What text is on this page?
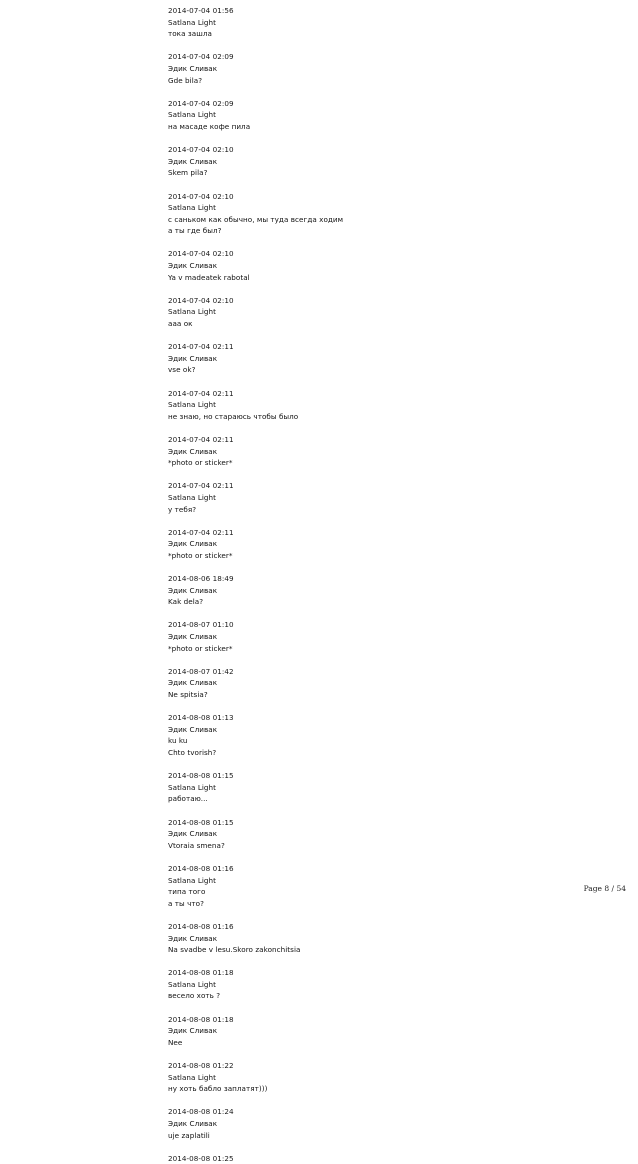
2014-07-04 01:56
Satlana Light
тока зашла
2014-07-04 02:09
Эдик Сливак
Gde bila?
2014-07-04 02:09
Satlana Light
на масаде кофе пила
2014-07-04 02:10
Эдик Сливак
Skem pila?
2014-07-04 02:10
Satlana Light
с саньком как обычно, мы туда всегда ходим
а ты где был?
2014-07-04 02:10
Эдик Сливак
Ya v madeatek rabotal
2014-07-04 02:10
Satlana Light
ааа ок
2014-07-04 02:11
Эдик Сливак
vse ok?
2014-07-04 02:11
Satlana Light
не знаю, но стараюсь чтобы было
2014-07-04 02:11
Эдик Сливак
*photo or sticker*
2014-07-04 02:11
Satlana Light
у тебя?
2014-07-04 02:11
Эдик Сливак
*photo or sticker*
2014-08-06 18:49
Эдик Сливак
Kak dela?
2014-08-07 01:10
Эдик Сливак
*photo or sticker*
2014-08-07 01:42
Эдик Сливак
Ne spitsia?
2014-08-08 01:13
Эдик Сливак
ku ku
Chto tvorish?
2014-08-08 01:15
Satlana Light
работаю...
2014-08-08 01:15
Эдик Сливак
Vtoraia smena?
2014-08-08 01:16
Satlana Light
типа того
а ты что?
2014-08-08 01:16
Эдик Сливак
Na svadbe v lesu.Skoro zakonchitsia
2014-08-08 01:18
Satlana Light
весело хоть ?
2014-08-08 01:18
Эдик Сливак
Nee
2014-08-08 01:22
Satlana Light
ну хоть бабло заплатят)))
2014-08-08 01:24
Эдик Сливак
uje zaplatili
2014-08-08 01:25
Page 8 / 54
